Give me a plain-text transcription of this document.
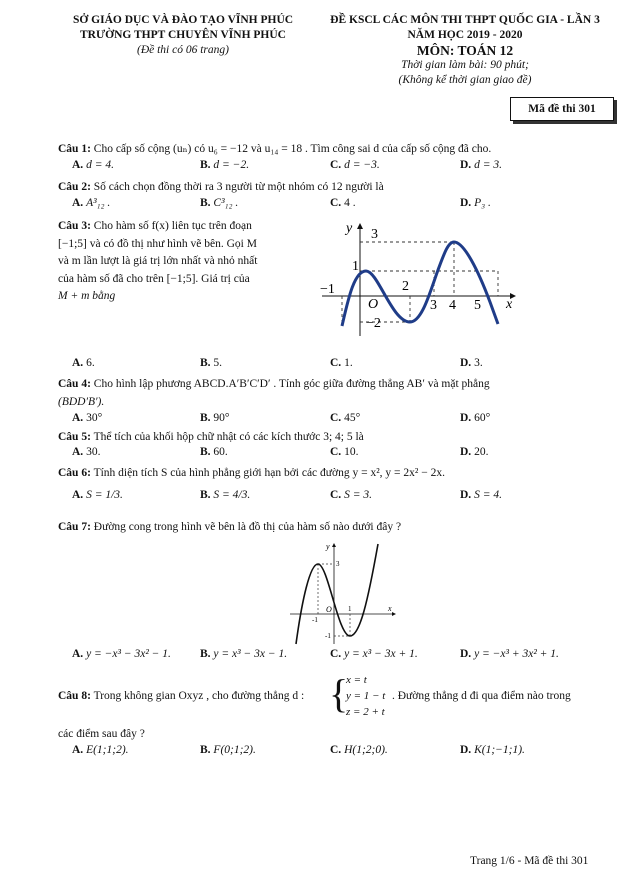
SỞ GIÁO DỤC VÀ ĐÀO TẠO VĨNH PHÚC
TRƯỜNG THPT CHUYÊN VĨNH PHÚC
(Đề thi có 06 trang)
ĐỀ KSCL CÁC MÔN THI THPT QUỐC GIA - LẦN 3
NĂM HỌC 2019 - 2020
MÔN: TOÁN 12
Thời gian làm bài: 90 phút;
(Không kể thời gian giao đề)
Mã đề thi 301
Câu 1: Cho cấp số cộng (uₙ) có u₆ = −12 và u₁₄ = 18 . Tìm công sai d của cấp số cộng đã cho.
A. d = 4.	B. d = −2.	C. d = −3.	D. d = 3.
Câu 2: Số cách chọn đồng thời ra 3 người từ một nhóm có 12 người là
A. A³₁₂ .	B. C³₁₂ .	C. 4 .	D. P₃ .
Câu 3: Cho hàm số f(x) liên tục trên đoạn
[−1;5] và có đồ thị như hình vẽ bên. Gọi M
và m lần lượt là giá trị lớn nhất và nhỏ nhất
của hàm số đã cho trên [−1;5]. Giá trị của
M + m bằng
y
x
O
3
1
−1	2
−2
3 4 5
A. 6.	B. 5.	C. 1.	D. 3.
Câu 4: Cho hình lập phương ABCD.A′B′C′D′ . Tính góc giữa đường thẳng AB′ và mặt phẳng
(BDD′B′).
A. 30°	B. 90°	C. 45°	D. 60°
Câu 5: Thể tích của khối hộp chữ nhật có các kích thước 3; 4; 5 là
A. 30.	B. 60.	C. 10.	D. 20.
Câu 6: Tính diện tích S của hình phẳng giới hạn bởi các đường y = x², y = 2x² − 2x.
A. S = 1/3.	B. S = 4/3.	C. S = 3.	D. S = 4.
Câu 7: Đường cong trong hình vẽ bên là đồ thị của hàm số nào dưới đây ?
y
x
O
3
1
-1
-1
A. y = −x³ − 3x² − 1.	B. y = x³ − 3x − 1.	C. y = x³ − 3x + 1.	D. y = −x³ + 3x² + 1.
Câu 8: Trong không gian Oxyz , cho đường thẳng d : {
x = t
y = 1 − t
z = 2 + t
. Đường thẳng d đi qua điểm nào trong
các điểm sau đây ?
A. E(1;1;2).	B. F(0;1;2).	C. H(1;2;0).	D. K(1;−1;1).
Trang 1/6 - Mã đề thi 301
